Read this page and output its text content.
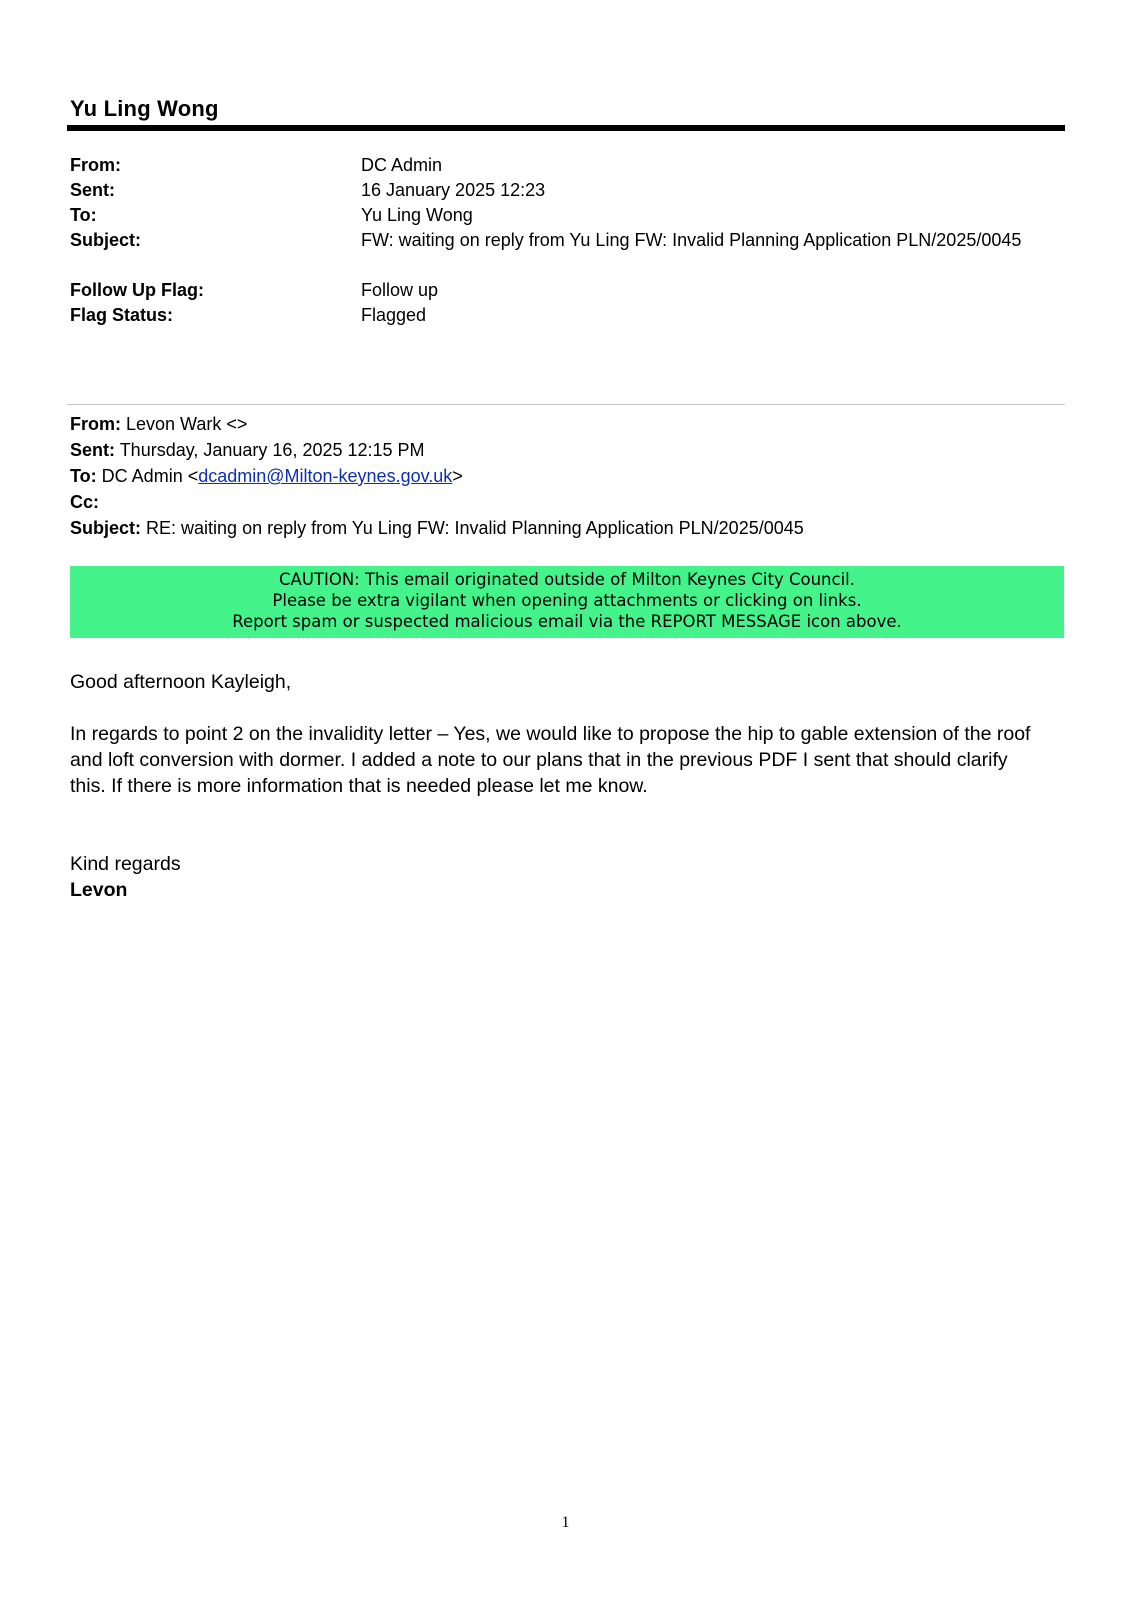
Yu Ling Wong
From:	DC Admin
Sent:	16 January 2025 12:23
To:	Yu Ling Wong
Subject:	FW: waiting on reply from Yu Ling FW: Invalid Planning Application PLN/2025/0045
Follow Up Flag:	Follow up
Flag Status:	Flagged
From: Levon Wark <>
Sent: Thursday, January 16, 2025 12:15 PM
To: DC Admin <dcadmin@Milton-keynes.gov.uk>
Cc:
Subject: RE: waiting on reply from Yu Ling FW: Invalid Planning Application PLN/2025/0045
CAUTION: This email originated outside of Milton Keynes City Council.
Please be extra vigilant when opening attachments or clicking on links.
Report spam or suspected malicious email via the REPORT MESSAGE icon above.
Good afternoon Kayleigh,
In regards to point 2 on the invalidity letter – Yes, we would like to propose the hip to gable extension of the roof
and loft conversion with dormer. I added a note to our plans that in the previous PDF I sent that should clarify
this. If there is more information that is needed please let me know.
Kind regards
Levon
1
